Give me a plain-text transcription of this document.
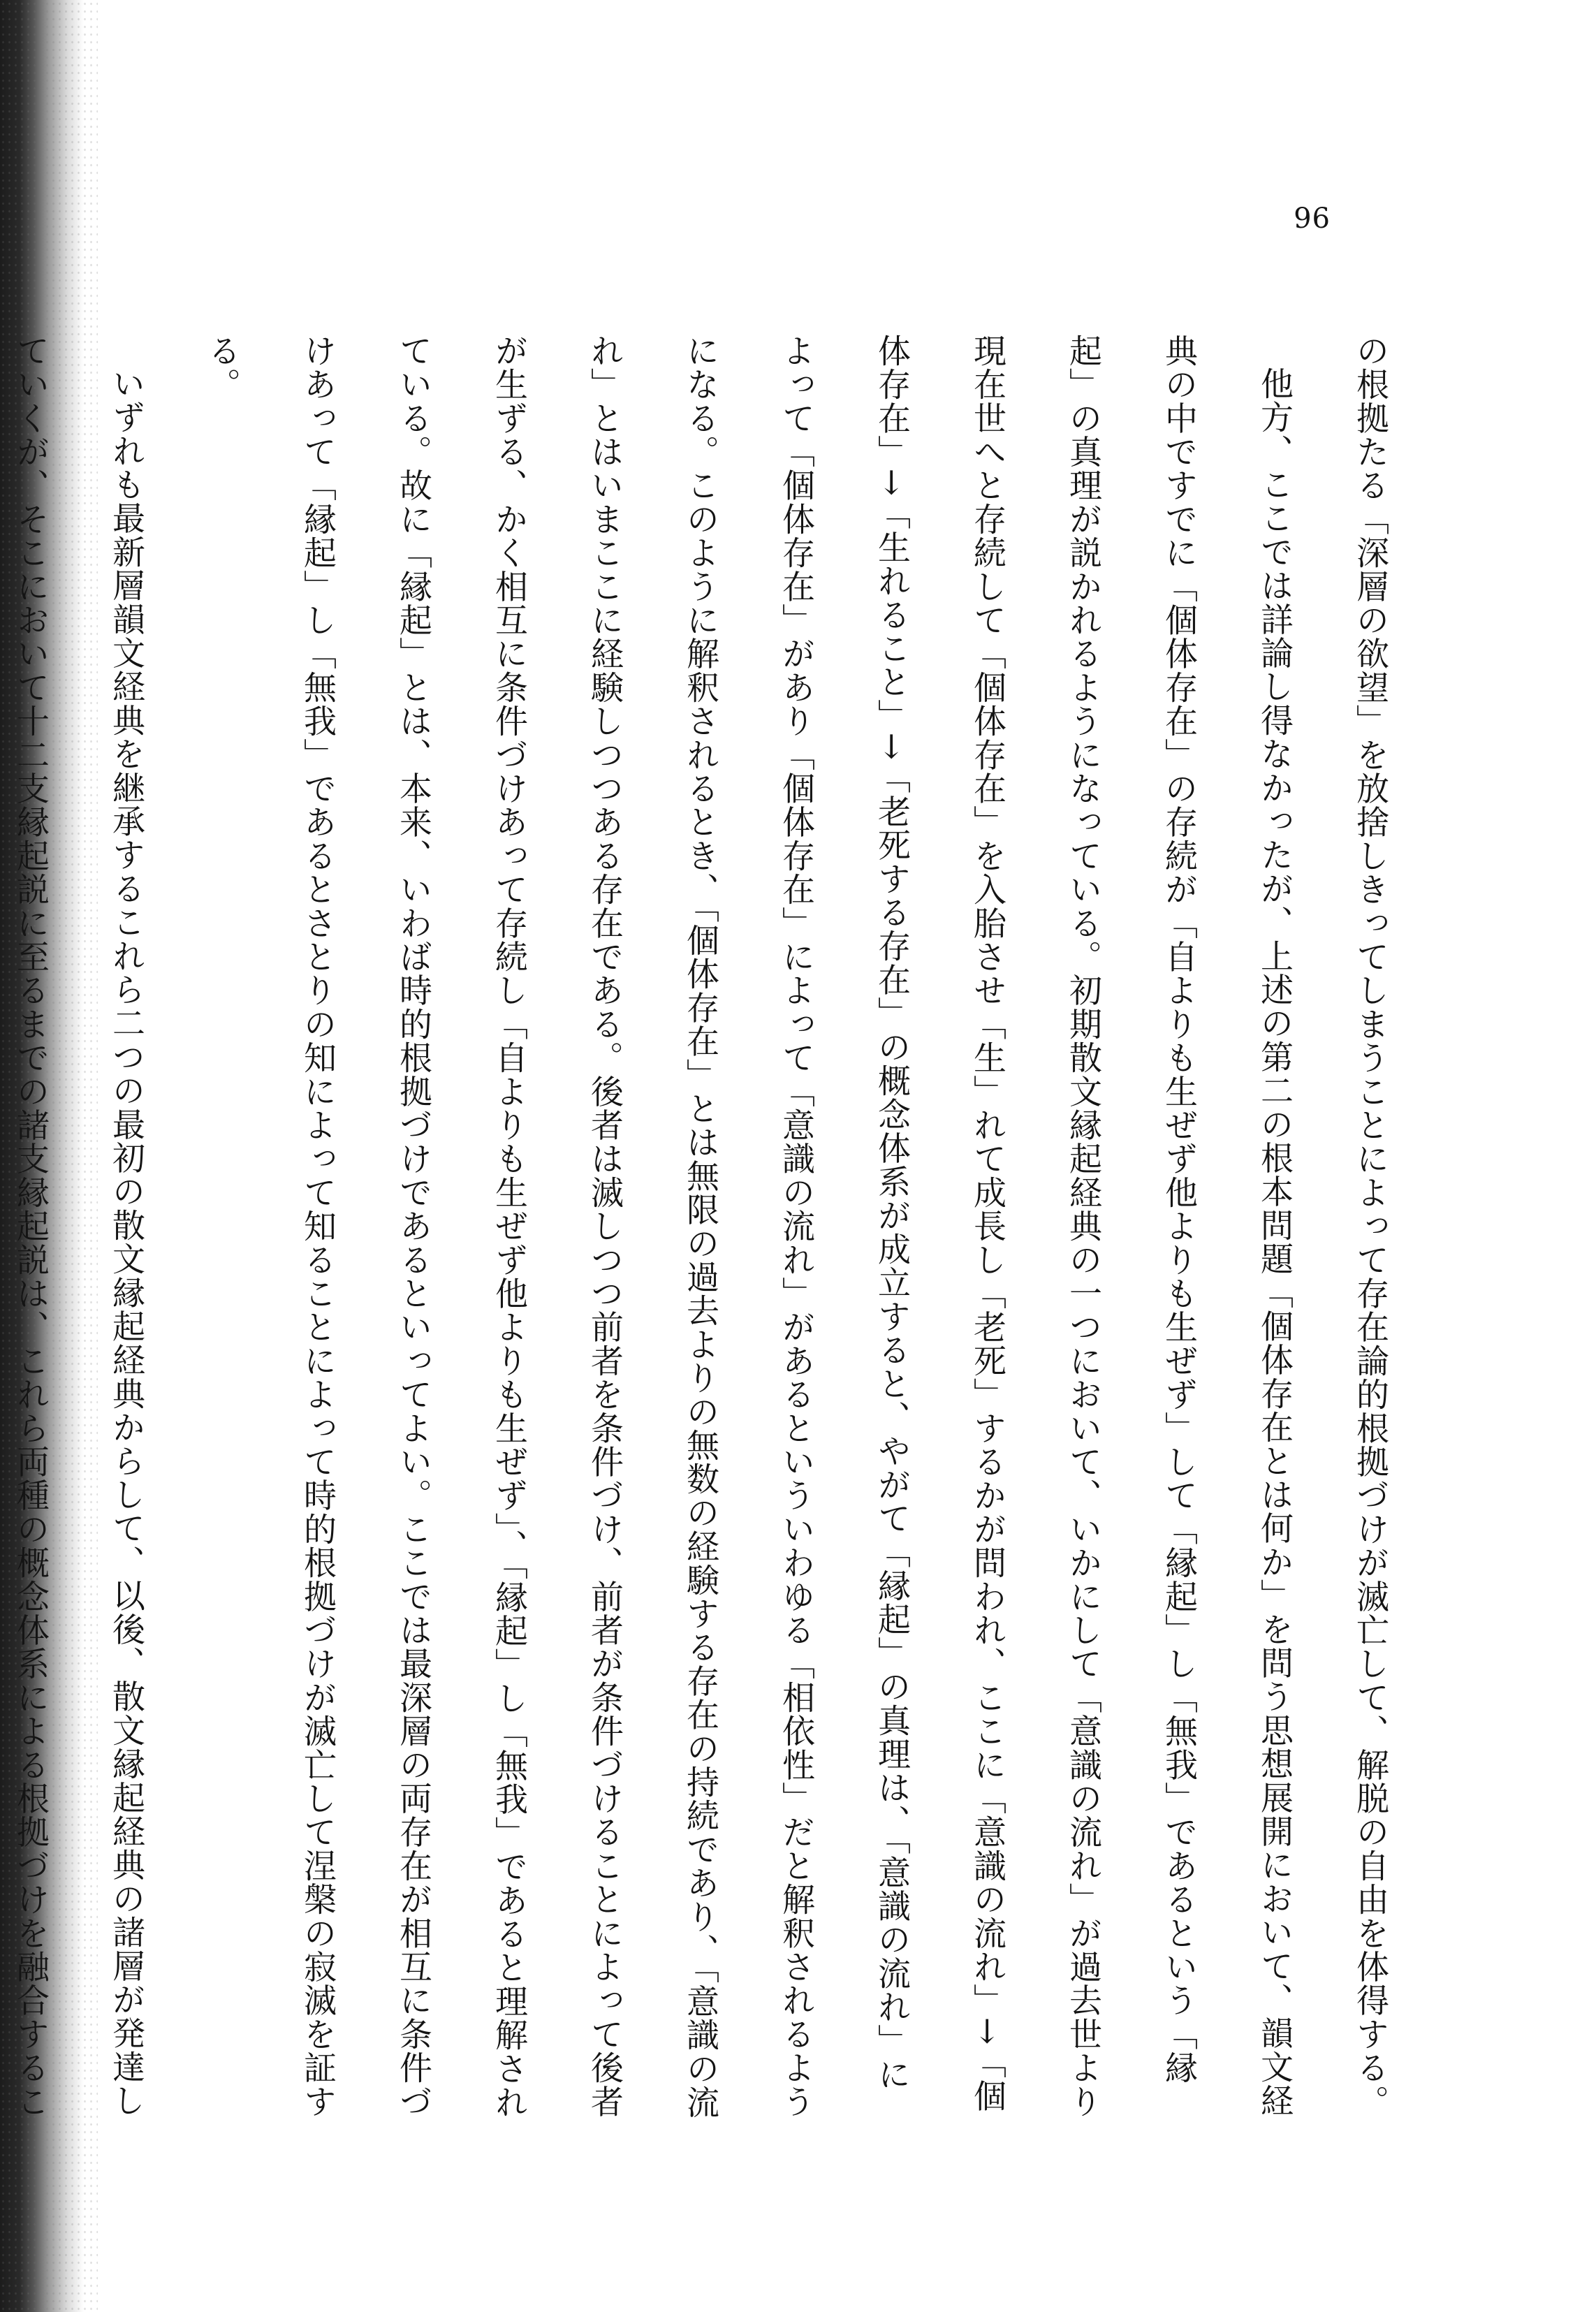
96

の根拠たる「深層の欲望」を放捨しきってしまうことによって存在論的根拠づけが滅亡して、解脱の自由を体得する。

他方、ここでは詳論し得なかったが、上述の第二の根本問題「個体存在とは何か」を問う思想展開において、韻文経典の中ですでに「個体存在」の存続が「自よりも生ぜず他よりも生ぜず」して「縁起」し「無我」であるという「縁起」の真理が説かれるようになっている。初期散文縁起経典の一つにおいて、いかにして「意識の流れ」が過去世より現在世へと存続して「個体存在」を入胎させ「生」れて成長し「老死」するかが問われ、ここに「意識の流れ」→「個体存在」→「生れること」→「老死する存在」の概念体系が成立すると、やがて「縁起」の真理は、「意識の流れ」によって「個体存在」があり「個体存在」によって「意識の流れ」があるといういわゆる「相依性」だと解釈されるようになる。このように解釈されるとき、「個体存在」とは無限の過去よりの無数の経験する存在の持続であり、「意識の流れ」とはいまここに経験しつつある存在である。後者は滅しつつ前者を条件づけ、前者が条件づけることによって後者が生ずる、かく相互に条件づけあって存続し「自よりも生ぜず他よりも生ぜず」、「縁起」し「無我」であると理解されている。故に「縁起」とは、本来、いわば時的根拠づけであるといってよい。ここでは最深層の両存在が相互に条件づけあって「縁起」し「無我」であるとさとりの知によって知ることによって時的根拠づけが滅亡して涅槃の寂滅を証する。

いずれも最新層韻文経典を継承するこれら二つの最初の散文縁起経典からして、以後、散文縁起経典の諸層が発達していくが、そこにおいて十二支縁起説に至るまでの諸支縁起説は、これら両種の概念体系による根拠づけを融合するこ
